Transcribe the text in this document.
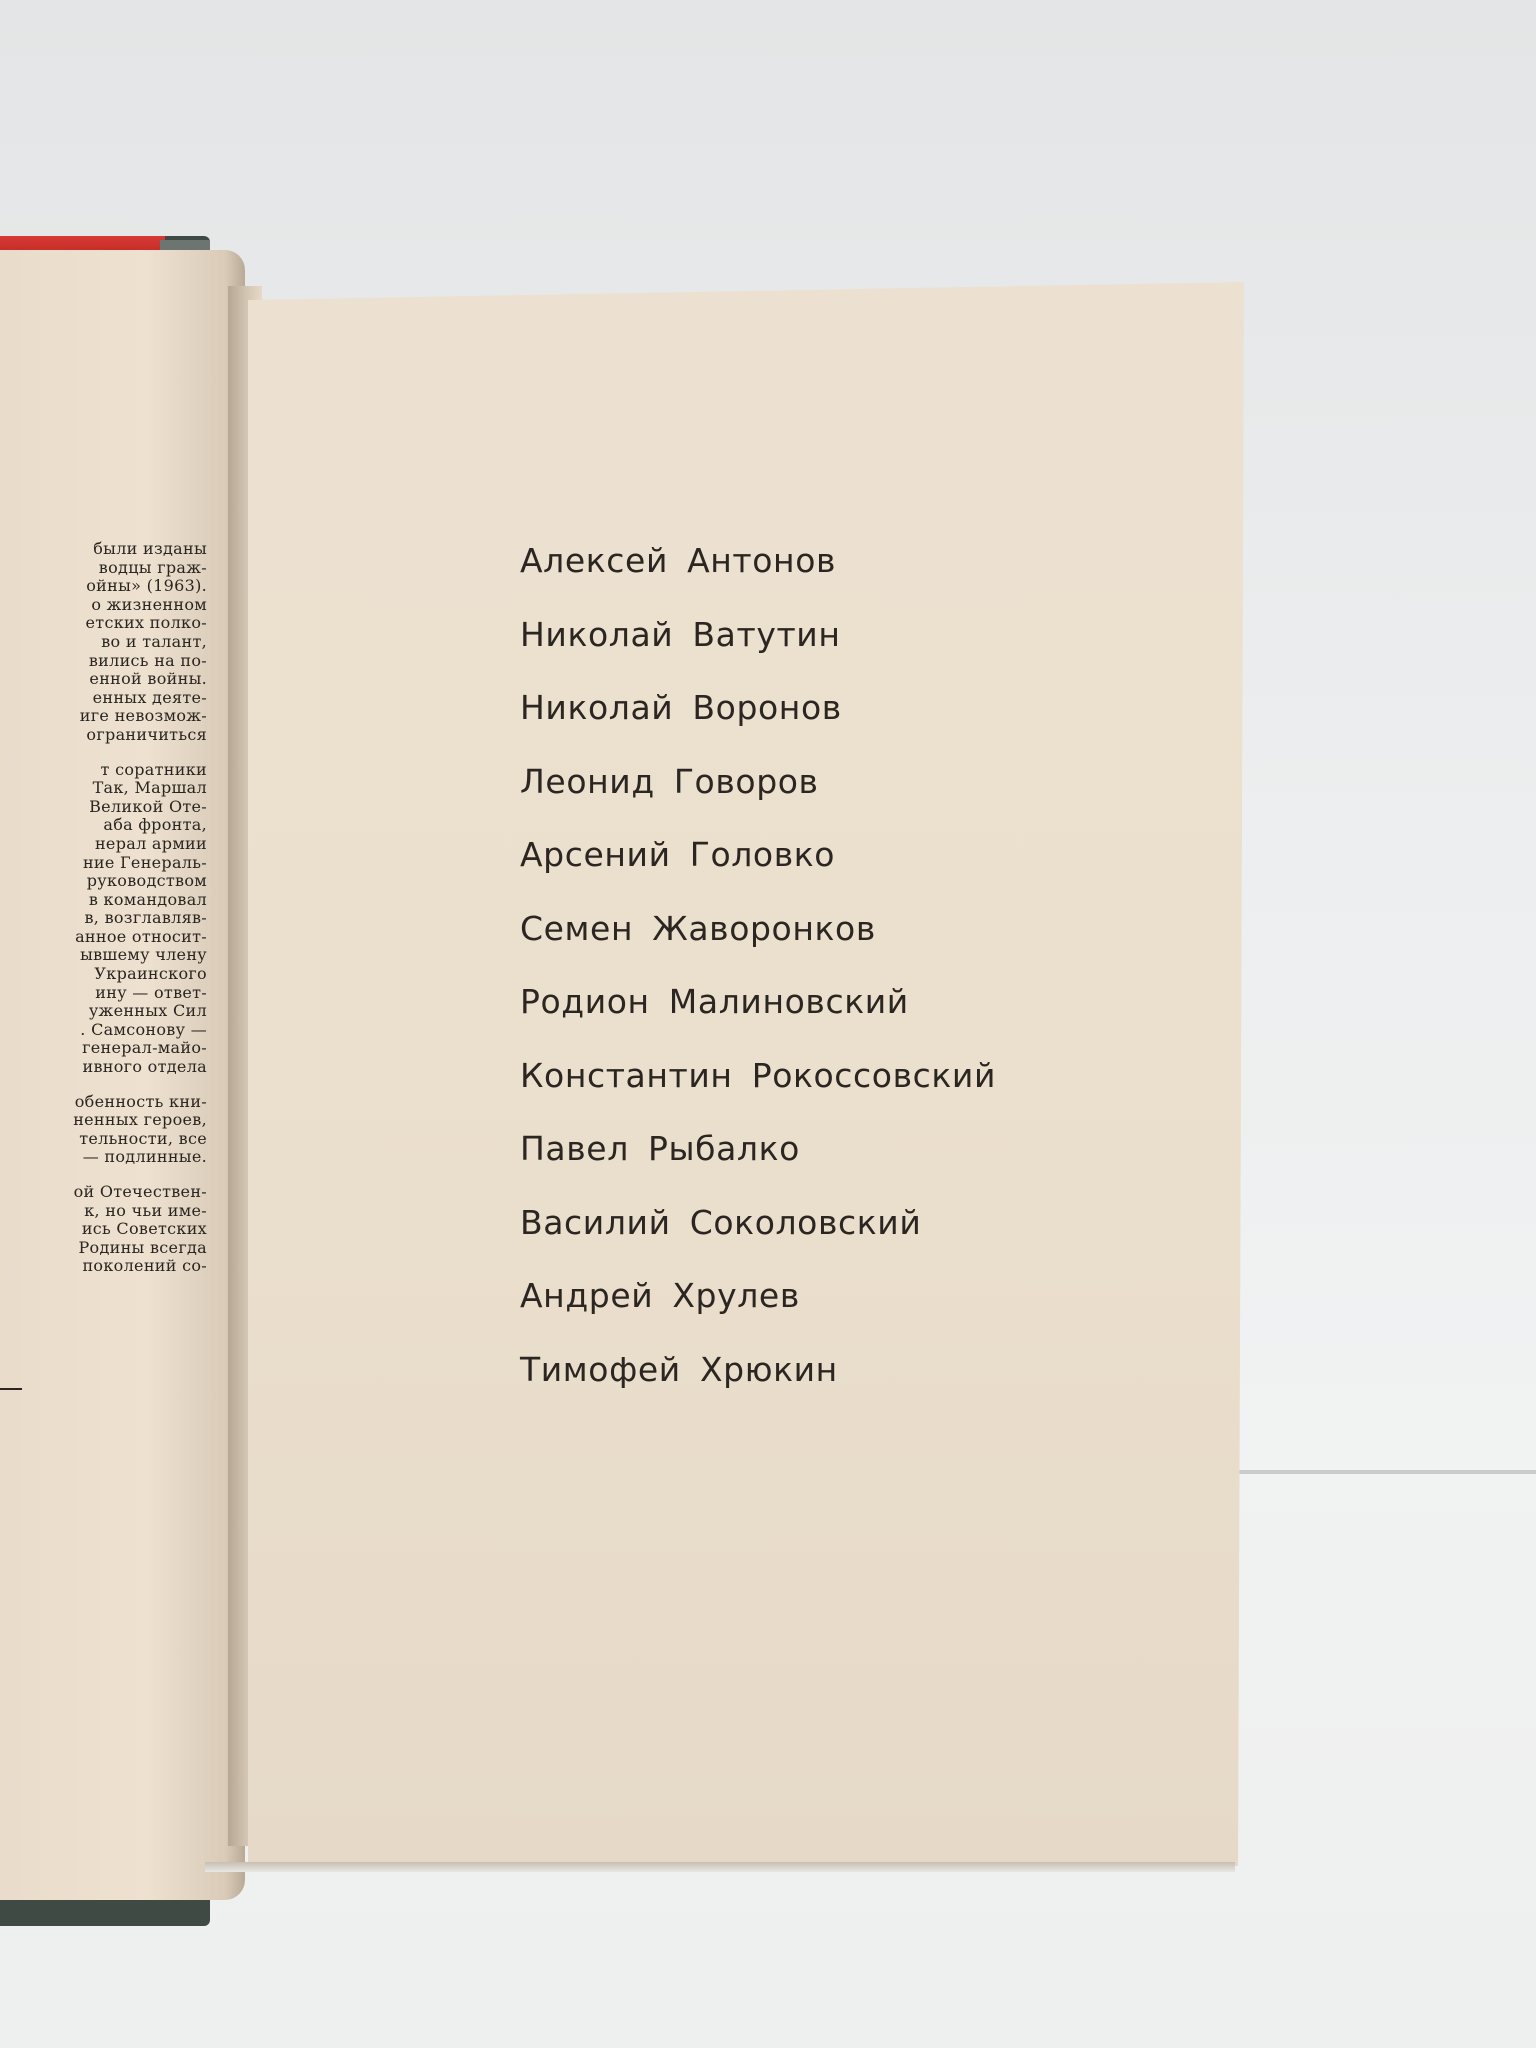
были изданы
водцы граж-
ойны» (1963).
о жизненном
етских полко-
во и талант,
вились на по-
енной войны.
енных деяте-
иге невозмож-
ограничиться
т соратники
Так, Маршал
Великой Оте-
аба фронта,
нерал армии
ние Генераль-
руководством
в командовал
в, возглавляв-
анное относит-
ывшему члену
Украинского
ину — ответ-
уженных Сил
. Самсонову —
генерал-майо-
ивного отдела
обенность кни-
ненных героев,
тельности, все
— подлинные.
ой Отечествен-
к, но чьи име-
ись Советских
Родины всегда
поколений со-
Алексей Антонов
Николай Ватутин
Николай Воронов
Леонид Говоров
Арсений Головко
Семен Жаворонков
Родион Малиновский
Константин Рокоссовский
Павел Рыбалко
Василий Соколовский
Андрей Хрулев
Тимофей Хрюкин
